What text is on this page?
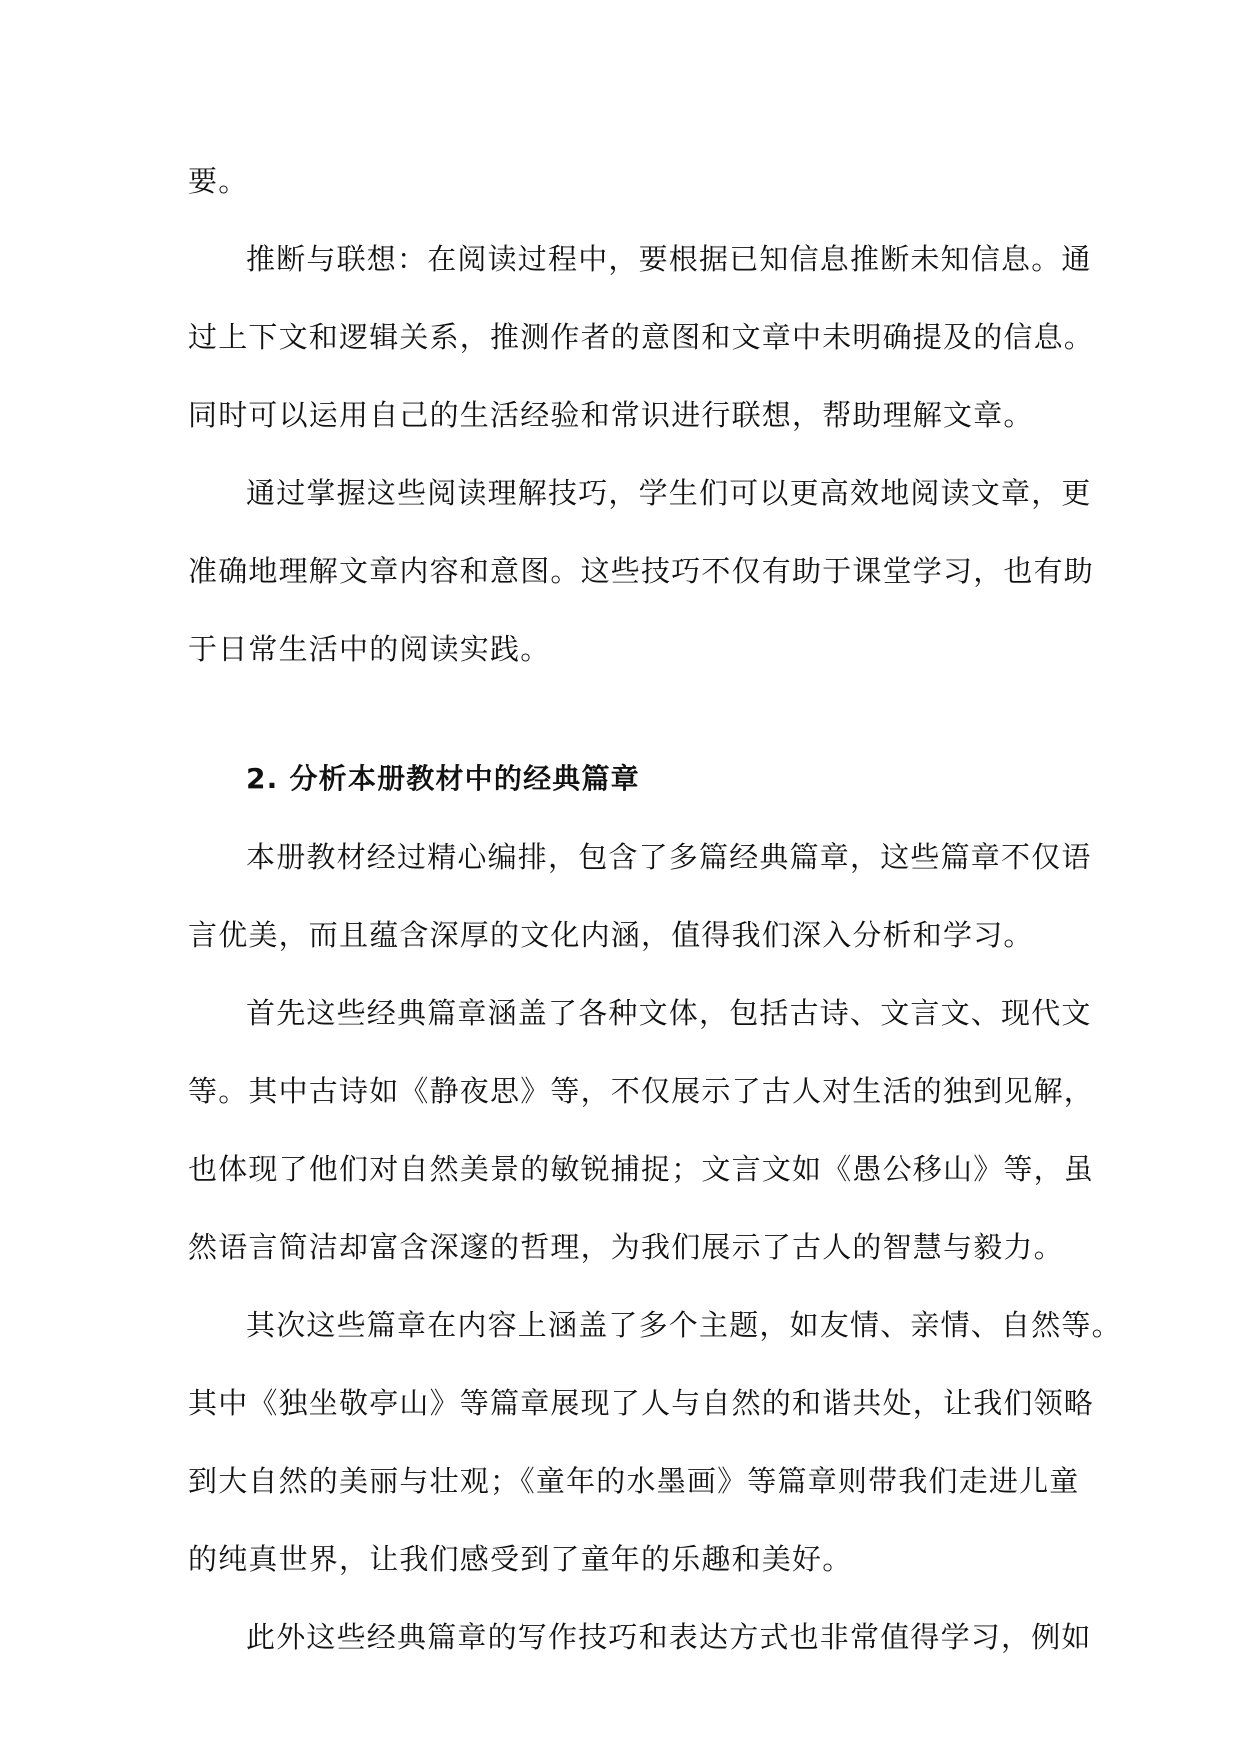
要。
推断与联想：在阅读过程中，要根据已知信息推断未知信息。通
过上下文和逻辑关系，推测作者的意图和文章中未明确提及的信息。
同时可以运用自己的生活经验和常识进行联想，帮助理解文章。
通过掌握这些阅读理解技巧，学生们可以更高效地阅读文章，更
准确地理解文章内容和意图。这些技巧不仅有助于课堂学习，也有助
于日常生活中的阅读实践。
2. 分析本册教材中的经典篇章
本册教材经过精心编排，包含了多篇经典篇章，这些篇章不仅语
言优美，而且蕴含深厚的文化内涵，值得我们深入分析和学习。
首先这些经典篇章涵盖了各种文体，包括古诗、文言文、现代文
等。其中古诗如《静夜思》等，不仅展示了古人对生活的独到见解，
也体现了他们对自然美景的敏锐捕捉；文言文如《愚公移山》等，虽
然语言简洁却富含深邃的哲理，为我们展示了古人的智慧与毅力。
其次这些篇章在内容上涵盖了多个主题，如友情、亲情、自然等。
其中《独坐敬亭山》等篇章展现了人与自然的和谐共处，让我们领略
到大自然的美丽与壮观；《童年的水墨画》等篇章则带我们走进儿童
的纯真世界，让我们感受到了童年的乐趣和美好。
此外这些经典篇章的写作技巧和表达方式也非常值得学习，例如
